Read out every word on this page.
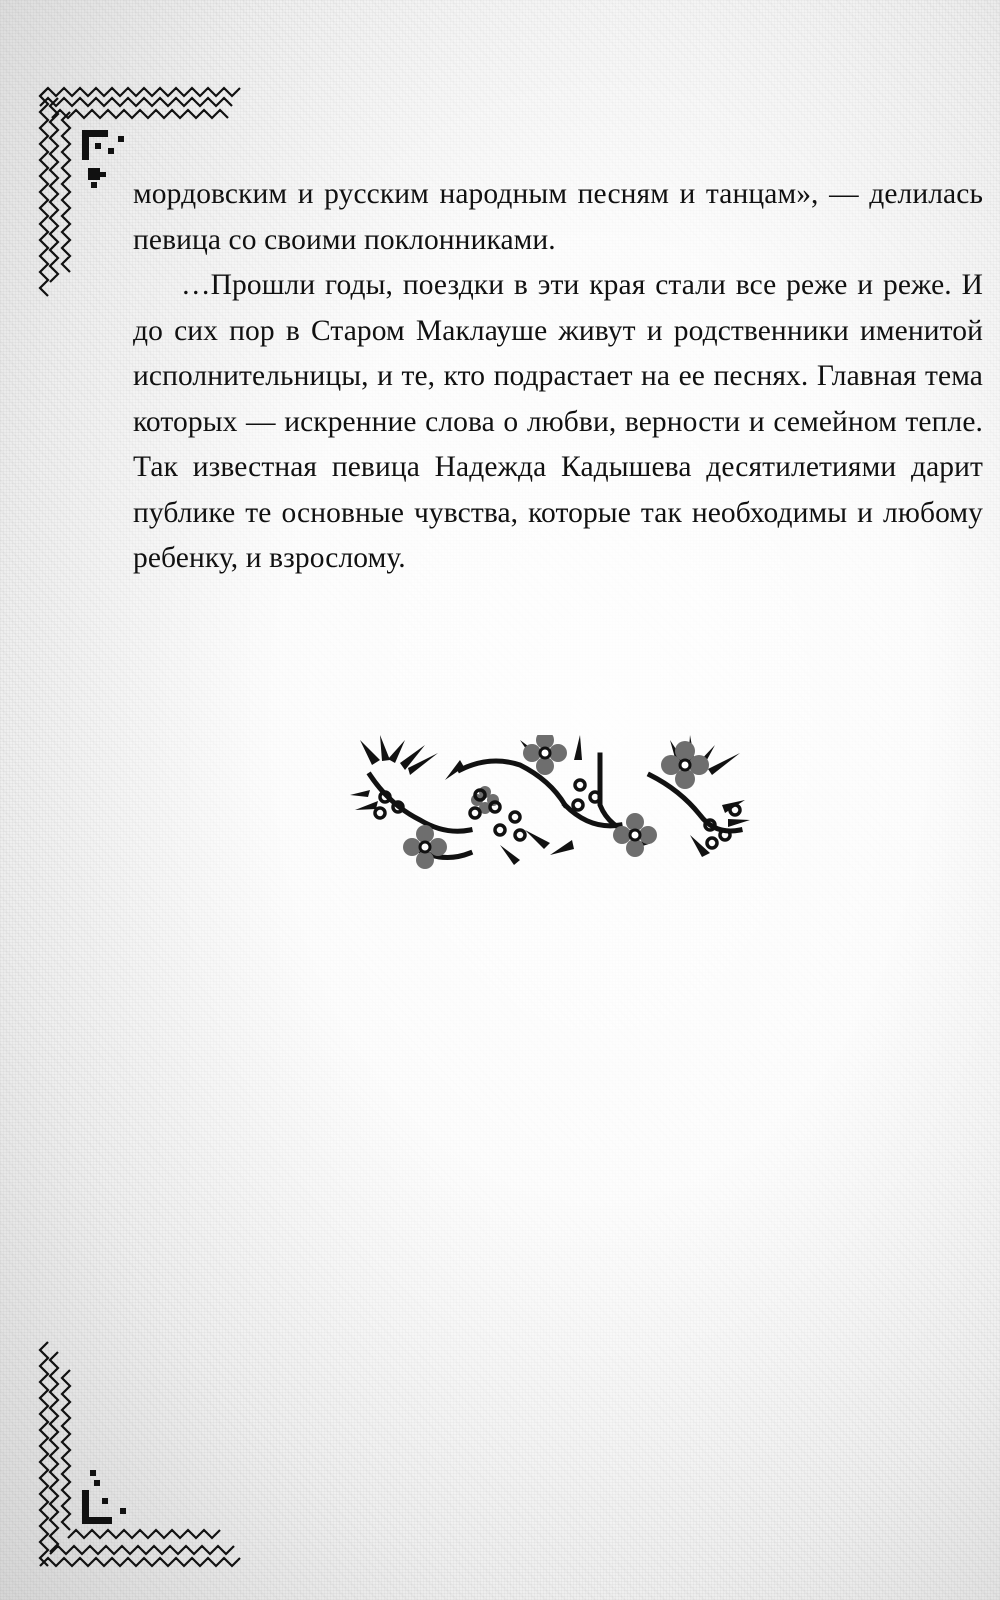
мордовским и русским народным песням и танцам», — делилась певица со своими поклонниками.

…Прошли годы, поездки в эти края стали все реже и реже. И до сих пор в Старом Маклауше живут и родственники именитой исполнительницы, и те, кто подрастает на ее песнях. Главная тема которых — искренние слова о любви, верности и семейном тепле. Так известная певица Надежда Кадышева десятилетиями дарит публике те основные чувства, которые так необходимы и любому ребенку, и взрослому.
